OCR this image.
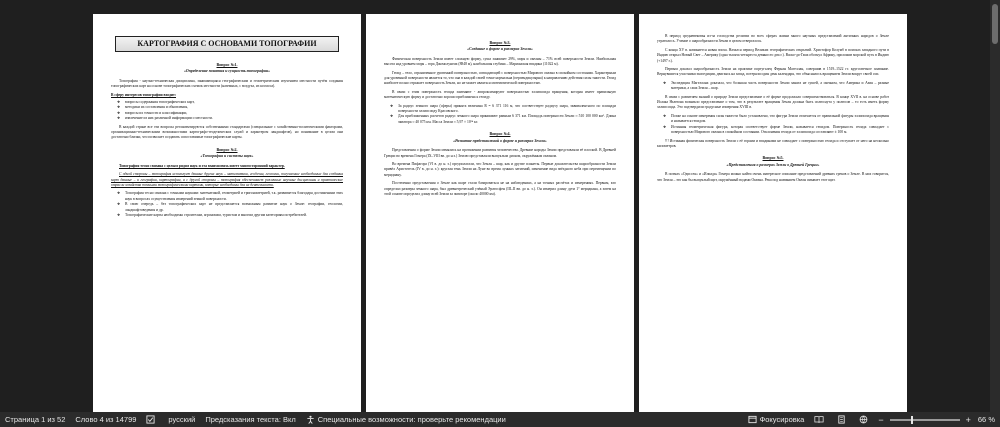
КАРТОГРАФИЯ С ОСНОВАМИ ТОПОГРАФИИ
Вопрос №1.
«Определение понятия и сущность топографии»
Топография - научно-техническая дисциплина, занимающаяся географическим и геометрическим изучением местности путём создания топографических карт на основе топографических съемок местности (наземных, с воздуха, из космоса).
В сферу интересов топографии входит:
❖ вопросы содержания топографических карт,
❖ методики их составления и обновления,
❖ вопросы их точности и классификации,
❖ извлечение из них различной информации о местности.
В каждой стране все эти вопросы регламентируются собственными стандартами (специальные с хозяйственно-политическими факторами, организационно-техническими возможностями картографо-геодезических служб и характером ландшафтов), но понимание в целом они достаточно близки, что позволяет создавать сопоставимые топографические карты.
Вопрос №2.
«Топография и системы наук»
Топография тесно связана с целым рядом наук и эта взаимосвязь имеет многосторонний характер.
С одной стороны – топография использует данные других наук – математики, геодезии, геологии, получаемые необходимые для создания карт данные – и географии, картографии, а с другой стороны – топография обеспечивает различные научные дисциплины и практические отрасли хозяйства точными топографическими картами, которые необходимы для их деятельности.
❖ Топография тесно связана с точными науками: математикой, геометрией и тригонометрией, т.к. развивается благодаря достижениям этих наук в вопросах осуществления измерений земной поверхности.
❖ В свою очередь – без топографических карт не представляется возможным развитие наук о Земле: географии, геологии, ландшафтоведения и др.
❖ Топографические карты необходимы строителям, агрономам, туристам и многим другим категориям потребителей.
Вопрос №3.
«Создание о форме и размерах Земли»
Физическая поверхность Земли имеет сложную форму, суша занимает 29%, моря и океаны – 71% всей поверхности Земли. Наибольшая высота над уровнем моря – гора Джомолунгма (8848 м), наибольшая глубина – Марианская впадина (11022 м).
Геоид – тело, ограниченное уровенной поверхностью, совпадающей с поверхностью Мирового океана в спокойном состоянии. Характерным для уровенной поверхности является то, что она в каждой своей точке нормальна (перпендикулярна) к направлению действия силы тяжести. Геоид наиболее полно отражает поверхность Земли, но не может являться математической поверхностью.
В связи с этим поверхность геоида заменяют - аппроксимируют поверхностью эллипсоида вращения, которая имеет правильную математическую форму и достаточно хорошо приближена к геоиду.
❖ За радиус земного шара (сферы) принята величина R = 6 371 116 м, что соответствует радиусу шара, эквивалентного по площади поверхности эллипсоиду Красовского.
❖ Для приближенных расчетов радиус земного шара принимают равным 6 371 км. Площадь поверхности Земли ≈ 510 100 000 км². Длина экватора ≈ 40 075 км. Масса Земли ≈ 5,97 × 10²⁴ кг.
Вопрос №4.
«Развитие представлений о форме и размерах Земли»
Представления о форме Земли менялись на протяжении развития человечества. Древние народы Земли представляли её плоской. В Древней Греции во времена Гомера (IX–VIII вв. до н.э.) Землю представляли выпуклым диском, окружённым океаном.
Во времена Пифагора (VI в. до н. э.) предполагали, что Земля – шар, как и другие планеты. Первые доказательства шарообразности Земли привёл Аристотель (IV в. до н. э.): круглая тень Земли на Луне во время лунных затмений, изменение вида звёздного неба при перемещении по меридиану.
Постепенно представления о Земле как шаре стали базироваться не на наблюдениях, а на точных расчётах и измерениях. Первым, кто определил размеры земного шара, был древнегреческий учёный Эратосфен (III–II вв. до н. э.). Он измерил длину дуги 1° меридиана, а затем на этой основе определил длину всей Земли за экваторе (около 40000 км).
В период средневековья из-за господства религии во всех сферах жизни много научных представлений античных народов о Земле утратилось. Учение о шарообразности Земли в целом отвергалось.
С конца XV в. начинается новая эпоха. Начался период Великих географических открытий. Христофор Колумб в поисках западного пути в Индию открыл Новый Свет – Америку (одна тысяча четыреста девяносто два г.). Васко-да-Гама обогнул Африку, проложив морской путь в Индию (+1497 г.).
Первым доказал шарообразность Земли на практике португалец Фернан Магеллан, совершив в 1519–1522 гг. кругосветное плавание. Вернувшиеся участники экспедиции, двигаясь на запад, потеряли один день календаря, что объяснялось вращением Земли вокруг своей оси.
❖ Экспедиция Магеллана доказала, что большая часть поверхности Земли занята не сушей, а океаном, что Америка и Азия – разные материки, а сама Земля – шар.
В связи с развитием знаний о природе Земли представление о её форме продолжало совершенствоваться. В конце XVII в. на основе работ Исаака Ньютона возникло представление о том, что в результате вращения Земля должна быть сплюснута у полюсов – то есть иметь форму эллипсоида. Это подтвердили градусные измерения XVIII в.
❖ Позже на основе измерения силы тяжести было установлено, что фигура Земли отличается от правильной фигуры эллипсоида вращения и называется геоидом.
❖ Истинная геометрическая фигура, которая соответствует форме Земли, называется геоидом. Поверхность геоида совпадает с поверхностью Мирового океана в спокойном состоянии. Отклонения геоида от эллипсоида составляют ± 100 м.
!!! Истинная физическая поверхность Земли с её горами и впадинами не совпадает с поверхностью геоида и отступает от него на несколько километров.
Вопрос №5.
«Представления о размерах Земли в Древней Греции»
В поэмах «Одиссея» и «Илиада» Гомера можно найти очень интересное описание представлений древних греков о Земле. В них говорится, что Земля – это как бы выпуклый щит, окружённый водами Океана. Река под названием Океан омывает этот щит.
Страница 1 из 52	Слово 4 из 14799	русский	Предсказания текста: Вкл	Специальные возможности: проверьте рекомендации	Фокусировка	−	+ 66 %
